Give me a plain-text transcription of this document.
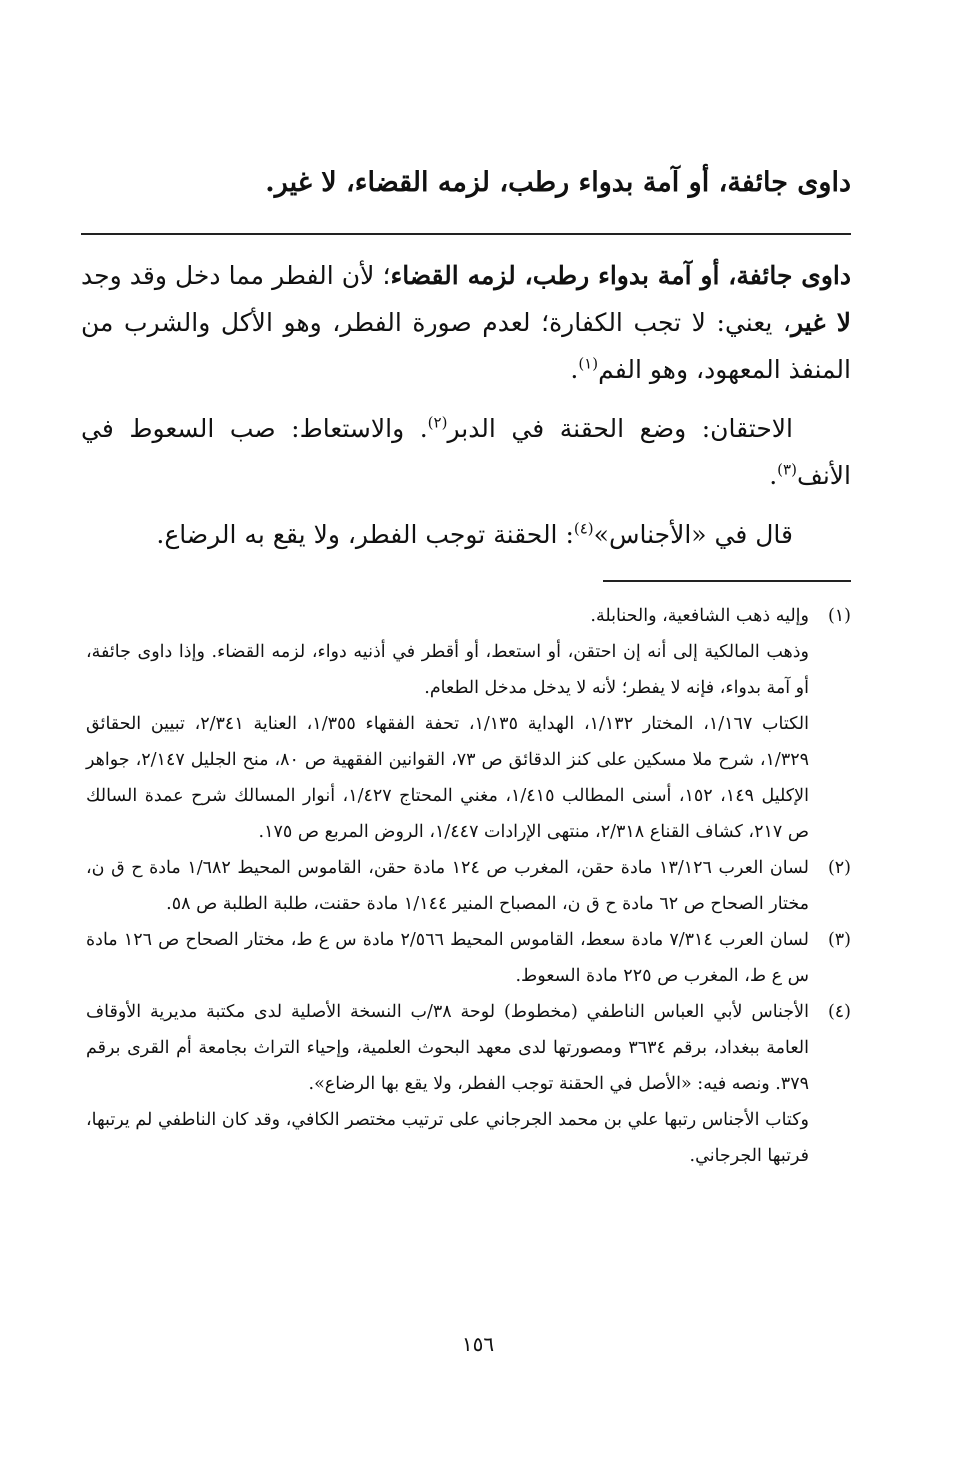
داوى جائفة، أو آمة بدواء رطب، لزمه القضاء، لا غير.

داوى جائفة، أو آمة بدواء رطب، لزمه القضاء؛ لأن الفطر مما دخل وقد وجد لا غير، يعني: لا تجب الكفارة؛ لعدم صورة الفطر، وهو الأكل والشرب من المنفذ المعهود، وهو الفم$^{(١)}$.

الاحتقان: وضع الحقنة في الدبر$^{(٢)}$. والاستعاط: صب السعوط في الأنف$^{(٣)}$.

قال في «الأجناس»$^{(٤)}$: الحقنة توجب الفطر، ولا يقع به الرضاع.

(١)

وإليه ذهب الشافعية، والحنابلة.

وذهب المالكية إلى أنه إن احتقن، أو استعط، أو أقطر في أذنيه دواء، لزمه القضاء. وإذا داوى جائفة، أو آمة بدواء، فإنه لا يفطر؛ لأنه لا يدخل مدخل الطعام.

الكتاب ١/١٦٧، المختار ١/١٣٢، الهداية ١/١٣٥، تحفة الفقهاء ١/٣٥٥، العناية ٢/٣٤١، تبيين الحقائق ١/٣٢٩، شرح ملا مسكين على كنز الدقائق ص ٧٣، القوانين الفقهية ص ٨٠، منح الجليل ٢/١٤٧، جواهر الإكليل ١٤٩، ١٥٢، أسنى المطالب ١/٤١٥، مغني المحتاج ١/٤٢٧، أنوار المسالك شرح عمدة السالك ص ٢١٧، كشاف القناع ٢/٣١٨، منتهى الإرادات ١/٤٤٧، الروض المربع ص ١٧٥.

(٢)

لسان العرب ١٣/١٢٦ مادة حقن، المغرب ص ١٢٤ مادة حقن، القاموس المحيط ١/٦٨٢ مادة ح ق ن، مختار الصحاح ص ٦٢ مادة ح ق ن، المصباح المنير ١/١٤٤ مادة حقنت، طلبة الطلبة ص ٥٨.

(٣)

لسان العرب ٧/٣١٤ مادة سعط، القاموس المحيط ٢/٥٦٦ مادة س ع ط، مختار الصحاح ص ١٢٦ مادة س ع ط، المغرب ص ٢٢٥ مادة السعوط.

(٤)

الأجناس لأبي العباس الناطفي (مخطوط) لوحة ٣٨/ب النسخة الأصلية لدى مكتبة مديرية الأوقاف العامة ببغداد، برقم ٣٦٣٤ ومصورتها لدى معهد البحوث العلمية، وإحياء التراث بجامعة أم القرى برقم ٣٧٩. ونصه فيه: «الأصل في الحقنة توجب الفطر، ولا يقع بها الرضاع».

وكتاب الأجناس رتبها علي بن محمد الجرجاني على ترتيب مختصر الكافي، وقد كان الناطفي لم يرتبها، فرتبها الجرجاني.

١٥٦
